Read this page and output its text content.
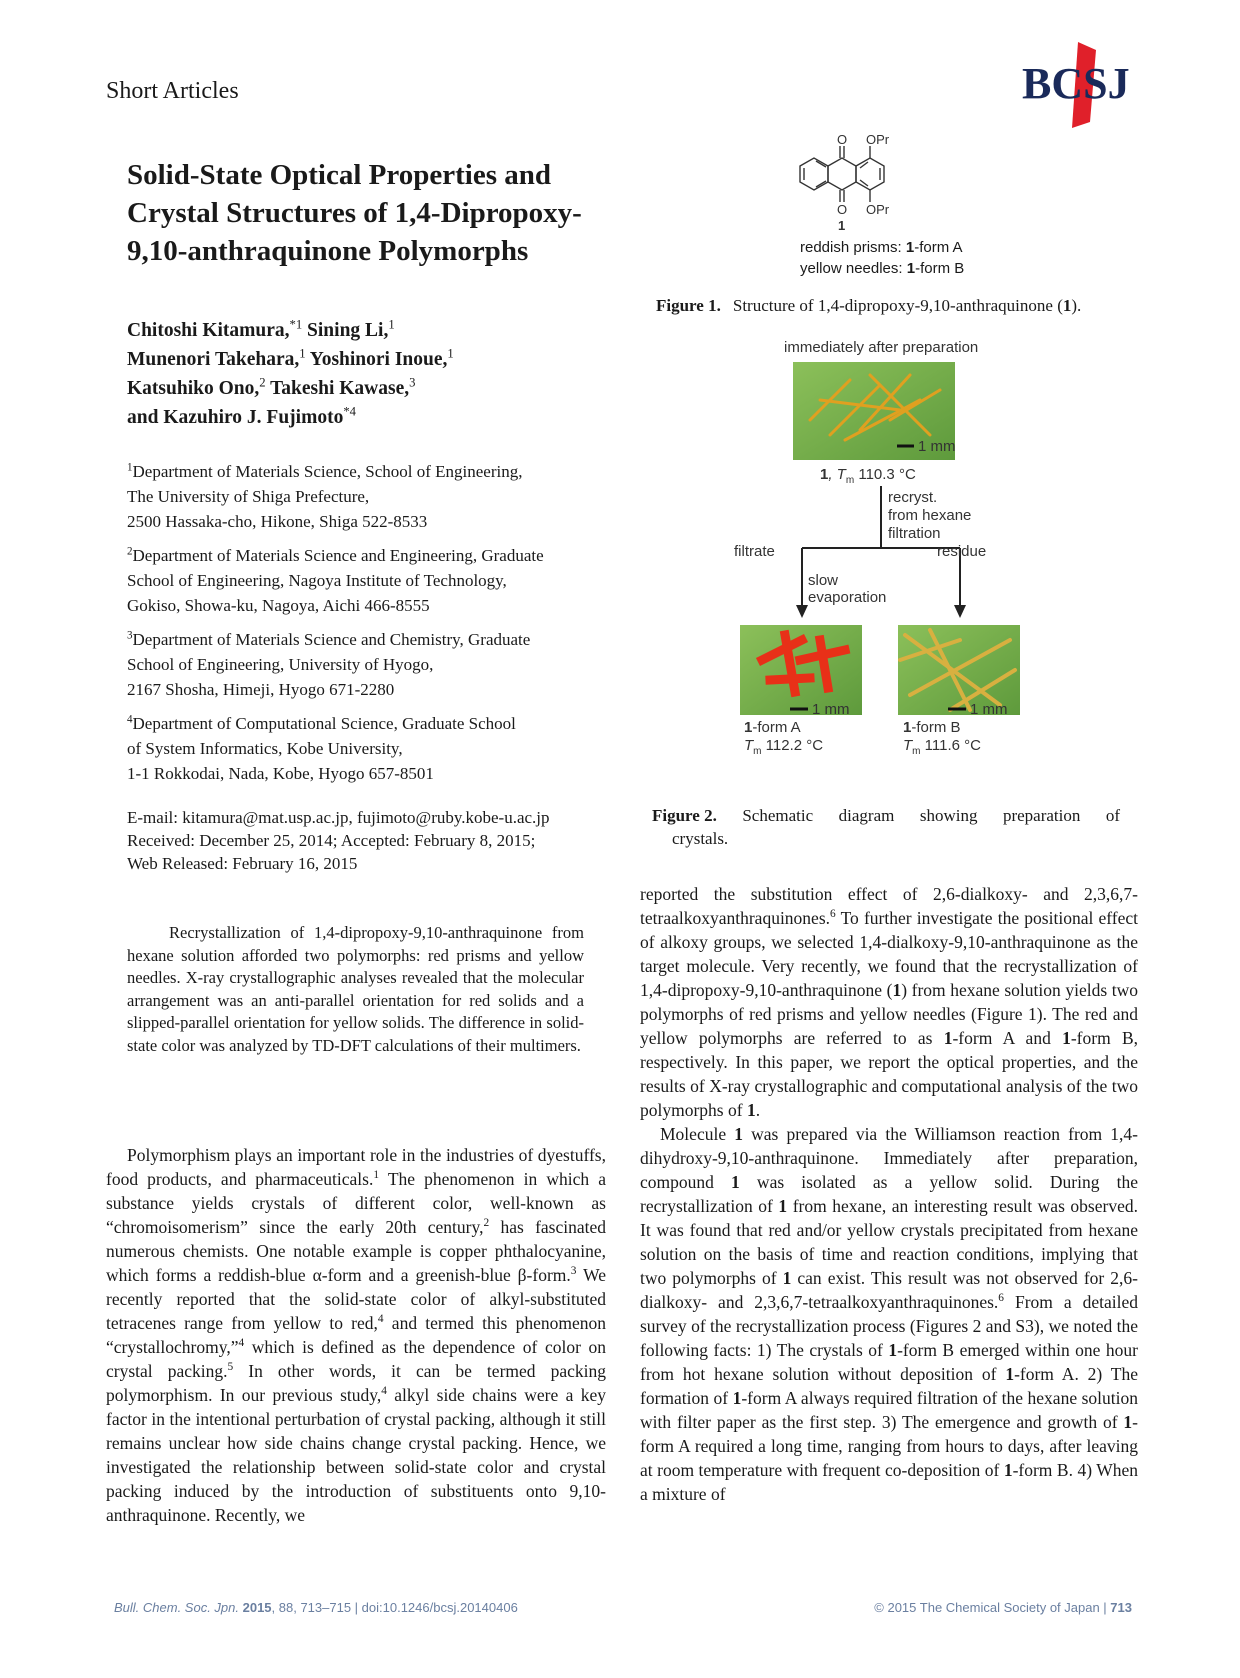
Short Articles	BCSJ
Solid-State Optical Properties and
Crystal Structures of 1,4-Dipropoxy-
9,10-anthraquinone Polymorphs
Chitoshi Kitamura,$^{*1}$ Sining Li,$^1$
Munenori Takehara,$^1$ Yoshinori Inoue,$^1$
Katsuhiko Ono,$^2$ Takeshi Kawase,$^3$
and Kazuhiro J. Fujimoto$^{*4}$
$^1$Department of Materials Science, School of Engineering,
The University of Shiga Prefecture,
2500 Hassaka-cho, Hikone, Shiga 522-8533
$^2$Department of Materials Science and Engineering, Graduate
School of Engineering, Nagoya Institute of Technology,
Gokiso, Showa-ku, Nagoya, Aichi 466-8555
$^3$Department of Materials Science and Chemistry, Graduate
School of Engineering, University of Hyogo,
2167 Shosha, Himeji, Hyogo 671-2280
$^4$Department of Computational Science, Graduate School
of System Informatics, Kobe University,
1-1 Rokkodai, Nada, Kobe, Hyogo 657-8501
E-mail: kitamura@mat.usp.ac.jp, fujimoto@ruby.kobe-u.ac.jp
Received: December 25, 2014; Accepted: February 8, 2015;
Web Released: February 16, 2015
Recrystallization of 1,4-dipropoxy-9,10-anthraquinone from hexane solution afforded two polymorphs: red prisms and yellow needles. X-ray crystallographic analyses revealed that the molecular arrangement was an anti-parallel orientation for red solids and a slipped-parallel orientation for yellow solids. The difference in solid-state color was analyzed by TD-DFT calculations of their multimers.
Polymorphism plays an important role in the industries of dyestuffs, food products, and pharmaceuticals.$^1$ The phenomenon in which a substance yields crystals of different color, well-known as “chromoisomerism” since the early 20th century,$^2$ has fascinated numerous chemists. One notable example is copper phthalocyanine, which forms a reddish-blue α-form and a greenish-blue β-form.$^3$ We recently reported that the solid-state color of alkyl-substituted tetracenes range from yellow to red,$^4$ and termed this phenomenon “crystallochromy,”$^4$ which is defined as the dependence of color on crystal packing.$^5$ In other words, it can be termed packing polymorphism. In our previous study,$^4$ alkyl side chains were a key factor in the intentional perturbation of crystal packing, although it still remains unclear how side chains change crystal packing. Hence, we investigated the relationship between solid-state color and crystal packing induced by the introduction of substituents onto 9,10-anthraquinone. Recently, we
O
O
OPr
OPr
1
reddish prisms: 1-form A
yellow needles: 1-form B
Figure 1. Structure of 1,4-dipropoxy-9,10-anthraquinone (1).
immediately after preparation
1 mm
1, $T_m$ 110.3 °C
recryst.
from hexane
filtration
filtrate	residue
slow
evaporation
1 mm
1-form A
$T_m$ 112.2 °C
1 mm
1-form B
$T_m$ 111.6 °C
Figure 2. Schematic diagram showing preparation of
crystals.

reported the substitution effect of 2,6-dialkoxy- and 2,3,6,7-tetraalkoxyanthraquinones.$^6$ To further investigate the positional effect of alkoxy groups, we selected 1,4-dialkoxy-9,10-anthraquinone as the target molecule. Very recently, we found that the recrystallization of 1,4-dipropoxy-9,10-anthraquinone (1) from hexane solution yields two polymorphs of red prisms and yellow needles (Figure 1). The red and yellow polymorphs are referred to as 1-form A and 1-form B, respectively. In this paper, we report the optical properties, and the results of X-ray crystallographic and computational analysis of the two polymorphs of 1.

Molecule 1 was prepared via the Williamson reaction from 1,4-dihydroxy-9,10-anthraquinone. Immediately after preparation, compound 1 was isolated as a yellow solid. During the recrystallization of 1 from hexane, an interesting result was observed. It was found that red and/or yellow crystals precipitated from hexane solution on the basis of time and reaction conditions, implying that two polymorphs of 1 can exist. This result was not observed for 2,6-dialkoxy- and 2,3,6,7-tetraalkoxyanthraquinones.$^6$ From a detailed survey of the recrystallization process (Figures 2 and S3), we noted the following facts: 1) The crystals of 1-form B emerged within one hour from hot hexane solution without deposition of 1-form A. 2) The formation of 1-form A always required filtration of the hexane solution with filter paper as the first step. 3) The emergence and growth of 1-form A required a long time, ranging from hours to days, after leaving at room temperature with frequent co-deposition of 1-form B. 4) When a mixture of

Bull. Chem. Soc. Jpn. 2015, 88, 713–715 | doi:10.1246/bcsj.20140406	© 2015 The Chemical Society of Japan | 713
